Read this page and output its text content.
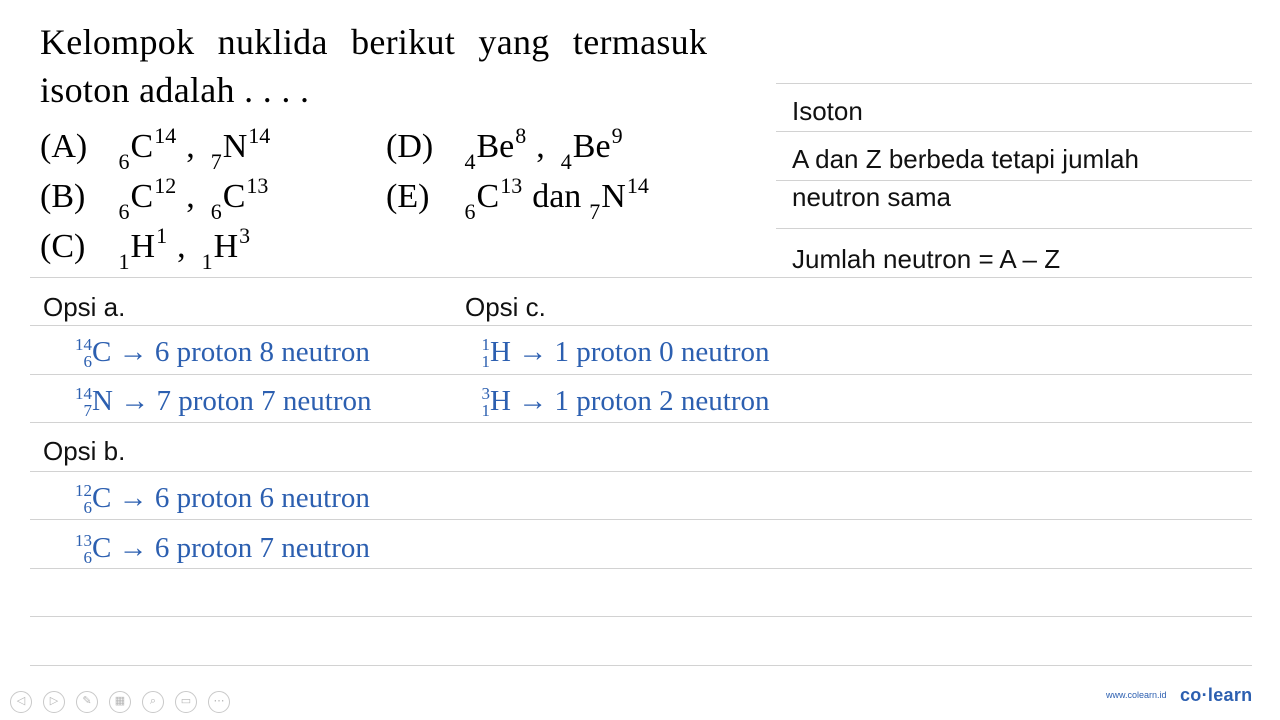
Kelompok nuklida berikut yang termasuk
isoton adalah . . . .
(A) $_6C^{14}$ , $_7N^{14}$
(B) $_6C^{12}$ , $_6C^{13}$
(C) $_1H^1$ , $_1H^3$
(D) $_4Be^8$ , $_4Be^9$
(E) $_6C^{13}$ dan $_7N^{14}$
Isoton
A dan Z berbeda tetapi jumlah
neutron sama
Jumlah neutron = A – Z
Opsi a.	Opsi c.
Opsi b.
14
6 C → 6 proton 8 neutron
14
7 N → 7 proton 7 neutron
1
1 H → 1 proton 0 neutron
3
1 H → 1 proton 2 neutron
12
6 C → 6 proton 6 neutron
13
6 C → 6 proton 7 neutron
◁	▷	✎	▦	⌕	▭	⋯	www.colearn.id co·learn
